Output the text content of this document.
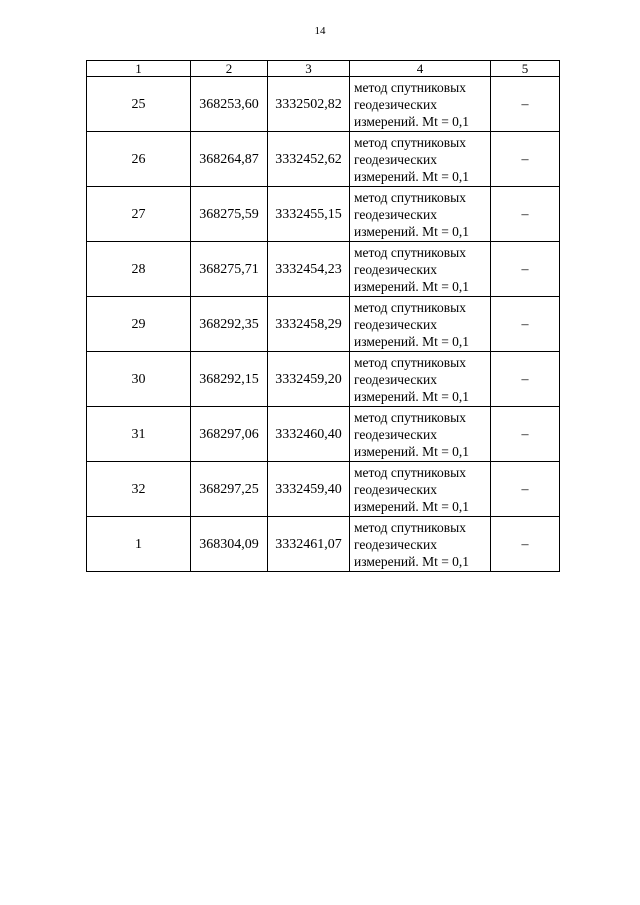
14
1	2	3	4	5
25	368253,60	3332502,82	метод спутниковых
геодезических
измерений. Mt = 0,1	–
26	368264,87	3332452,62	метод спутниковых
геодезических
измерений. Mt = 0,1	–
27	368275,59	3332455,15	метод спутниковых
геодезических
измерений. Mt = 0,1	–
28	368275,71	3332454,23	метод спутниковых
геодезических
измерений. Mt = 0,1	–
29	368292,35	3332458,29	метод спутниковых
геодезических
измерений. Mt = 0,1	–
30	368292,15	3332459,20	метод спутниковых
геодезических
измерений. Mt = 0,1	–
31	368297,06	3332460,40	метод спутниковых
геодезических
измерений. Mt = 0,1	–
32	368297,25	3332459,40	метод спутниковых
геодезических
измерений. Mt = 0,1	–
1	368304,09	3332461,07	метод спутниковых
геодезических
измерений. Mt = 0,1	–
